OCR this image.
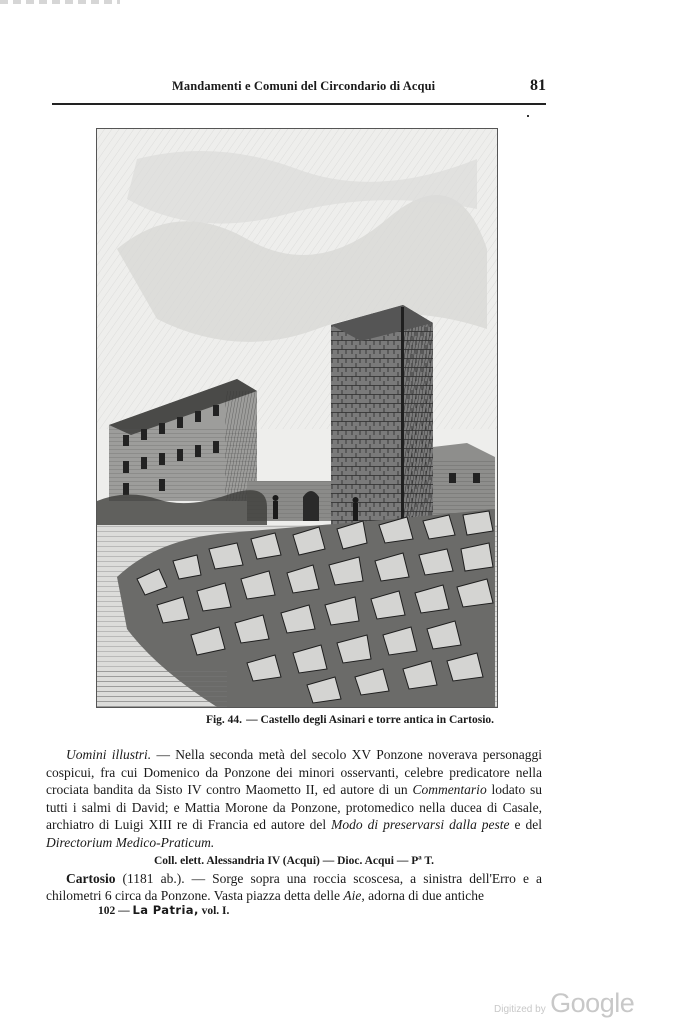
Mandamenti e Comuni del Circondario di Acqui	81
Fig. 44. — Castello degli Asinari e torre antica in Cartosio.

Uomini illustri. — Nella seconda metà del secolo XV Ponzone noverava personaggi cospicui, fra cui Domenico da Ponzone dei minori osservanti, celebre predicatore nella crociata bandita da Sisto IV contro Maometto II, ed autore di un Commentario lodato su tutti i salmi di David; e Mattia Morone da Ponzone, protomedico nella ducea di Casale, archiatro di Luigi XIII re di Francia ed autore del Modo di preservarsi dalla peste e del Directorium Medico-Praticum.

Coll. elett. Alessandria IV (Acqui) — Dioc. Acqui — Pª T.

Cartosio (1181 ab.). — Sorge sopra una roccia scoscesa, a sinistra dell'Erro e a chilometri 6 circa da Ponzone. Vasta piazza detta delle Aie, adorna di due antiche

102 — La Patria, vol. I.
Digitized by Google
